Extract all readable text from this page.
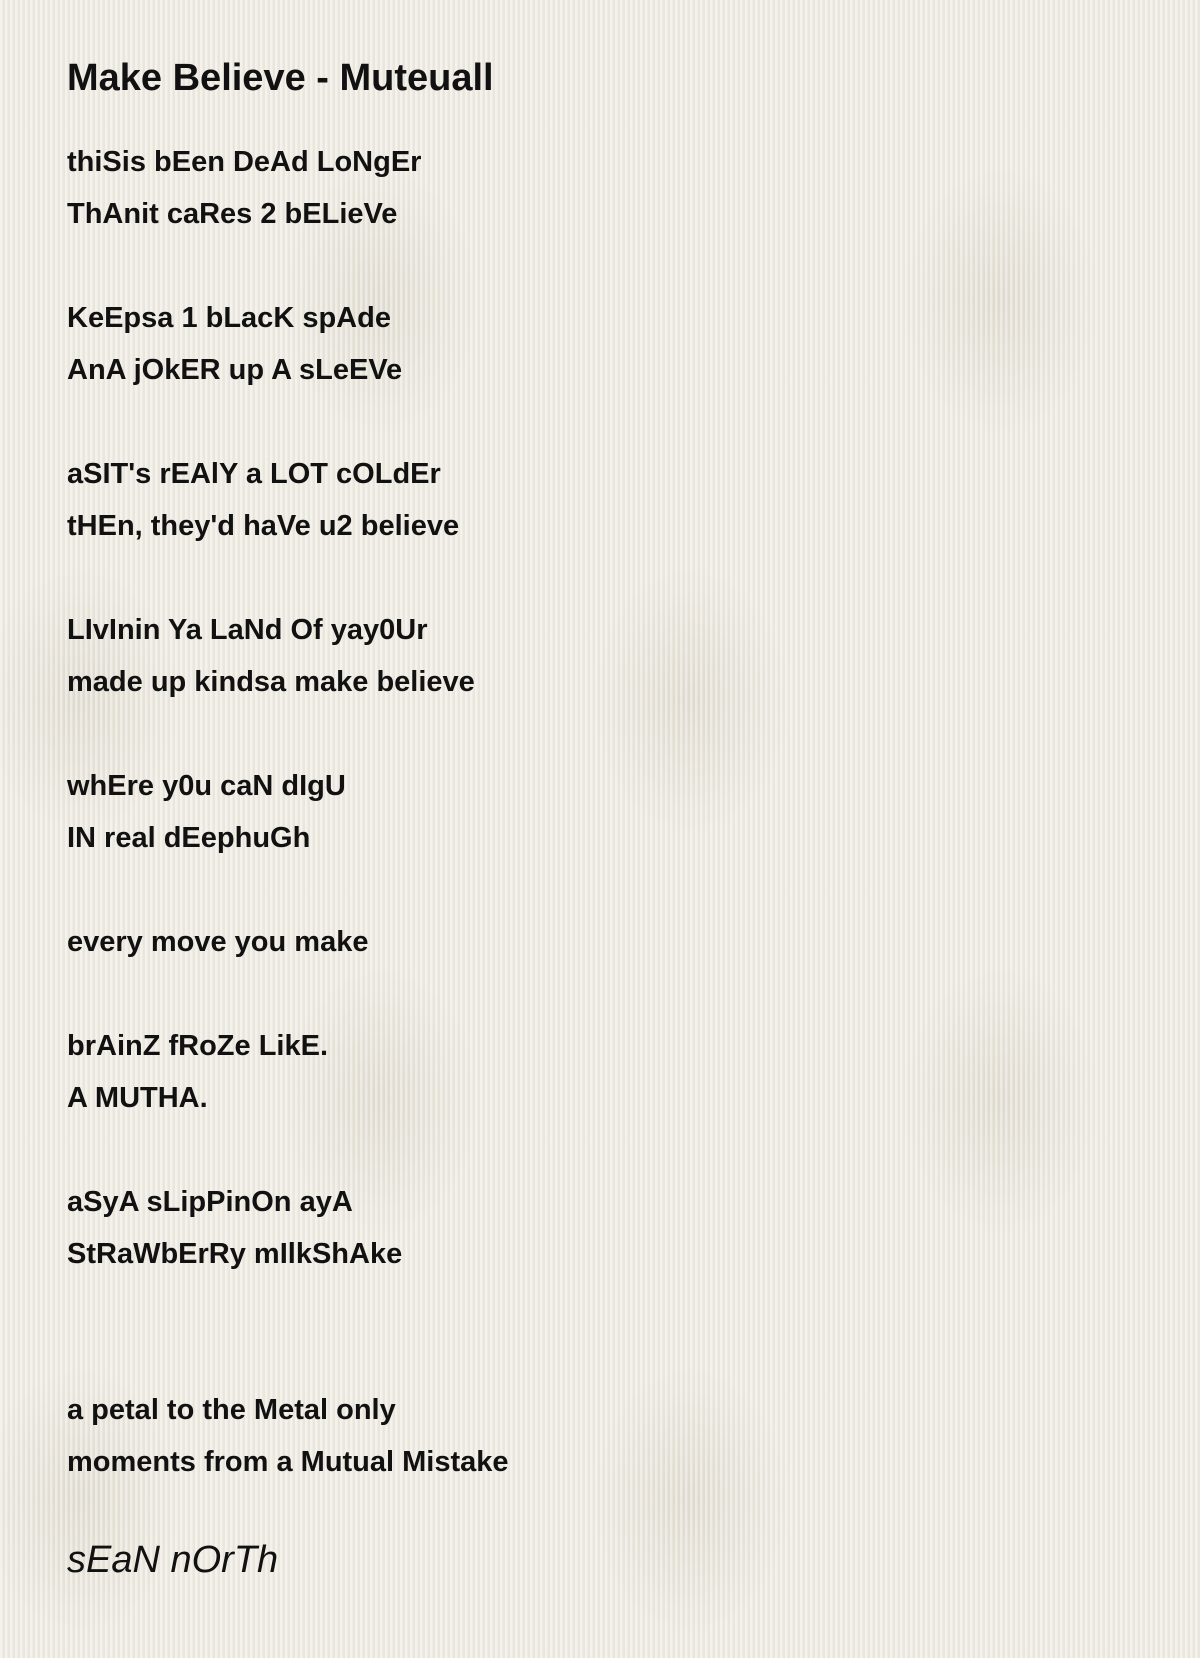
Make Believe - Muteuall
thiSis bEen DeAd LoNgEr
ThAnit caRes 2 bELieVe
KeEpsa 1 bLacK spAde
AnA jOkER up A sLeEVe
aSIT's rEAlY a LOT cOLdEr
tHEn, they'd haVe u2 believe
LIvInin Ya LaNd Of yay0Ur
made up kindsa make believe
whEre y0u caN dIgU
IN real dEephuGh
every move you make
brAinZ fRoZe LikE.
A MUTHA.
aSyA sLipPinOn ayA
StRaWbErRy mIlkShAke
a petal to the Metal only
moments from a Mutual Mistake
sEaN nOrTh
